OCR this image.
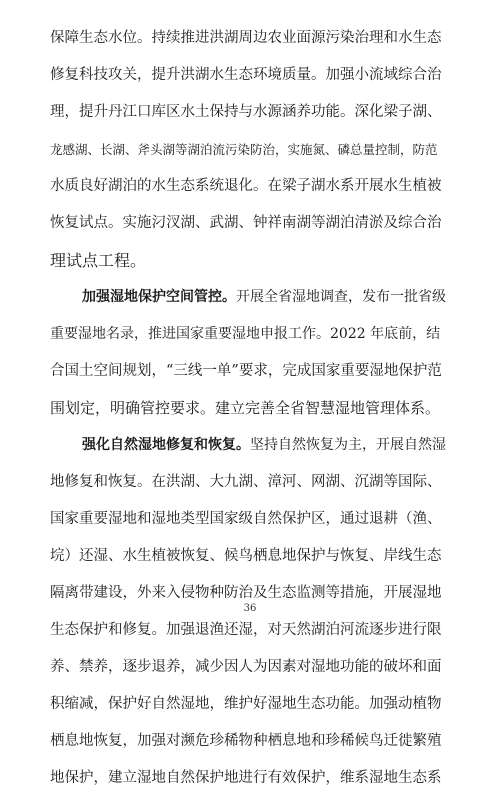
保障生态水位。持续推进洪湖周边农业面源污染治理和水生态
修复科技攻关，提升洪湖水生态环境质量。加强小流域综合治
理，提升丹江口库区水土保持与水源涵养功能。深化梁子湖、
龙感湖、长湖、斧头湖等湖泊流污染防治，实施氮、磷总量控制，防范
水质良好湖泊的水生态系统退化。在梁子湖水系开展水生植被
恢复试点。实施汈汊湖、武湖、钟祥南湖等湖泊清淤及综合治
理试点工程。
加强湿地保护空间管控。开展全省湿地调查，发布一批省级
重要湿地名录，推进国家重要湿地申报工作。2022 年底前，结
合国土空间规划，“三线一单”要求，完成国家重要湿地保护范
围划定，明确管控要求。建立完善全省智慧湿地管理体系。
强化自然湿地修复和恢复。坚持自然恢复为主，开展自然湿
地修复和恢复。在洪湖、大九湖、漳河、网湖、沉湖等国际、
国家重要湿地和湿地类型国家级自然保护区，通过退耕（渔、
垸）还湿、水生植被恢复、候鸟栖息地保护与恢复、岸线生态
隔离带建设，外来入侵物种防治及生态监测等措施，开展湿地
生态保护和修复。加强退渔还湿，对天然湖泊河流逐步进行限
养、禁养，逐步退养，减少因人为因素对湿地功能的破坏和面
积缩减，保护好自然湿地，维护好湿地生态功能。加强动植物
栖息地恢复，加强对濒危珍稀物种栖息地和珍稀候鸟迁徙繁殖
地保护，建立湿地自然保护地进行有效保护，维系湿地生态系
36
